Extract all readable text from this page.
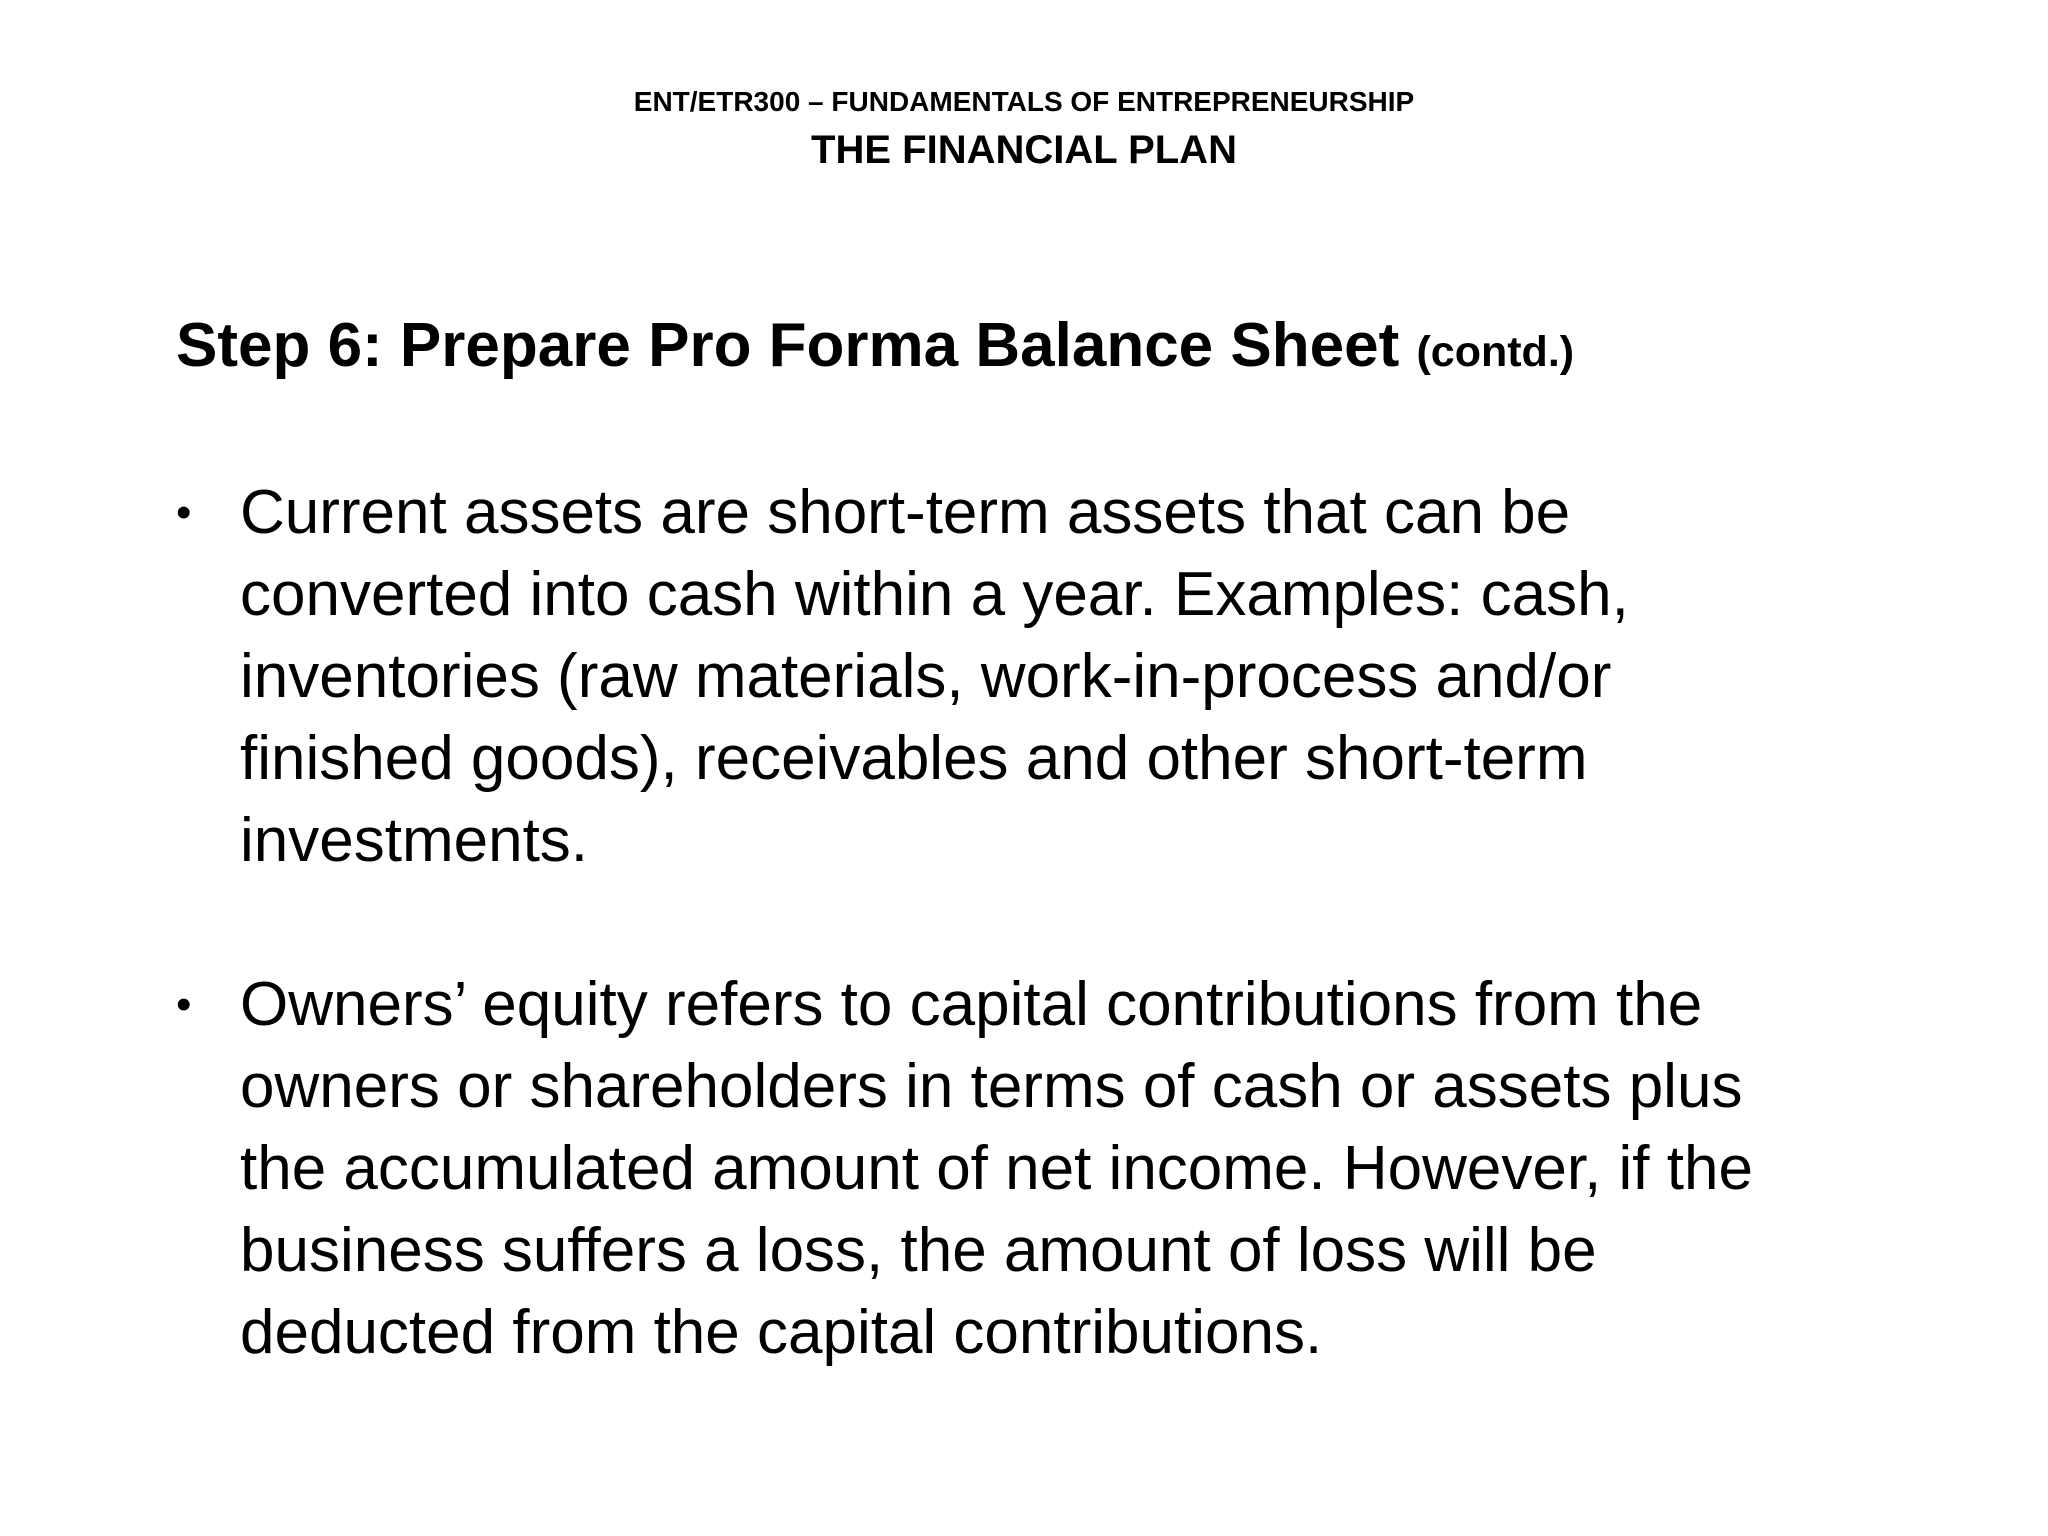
ENT/ETR300 – FUNDAMENTALS OF ENTREPRENEURSHIP
THE FINANCIAL PLAN
Step 6: Prepare Pro Forma Balance Sheet (contd.)
• Current assets are short-term assets that can be
converted into cash within a year. Examples: cash,
inventories (raw materials, work-in-process and/or
finished goods), receivables and other short-term
investments.
• Owners’ equity refers to capital contributions from the
owners or shareholders in terms of cash or assets plus
the accumulated amount of net income. However, if the
business suffers a loss, the amount of loss will be
deducted from the capital contributions.
